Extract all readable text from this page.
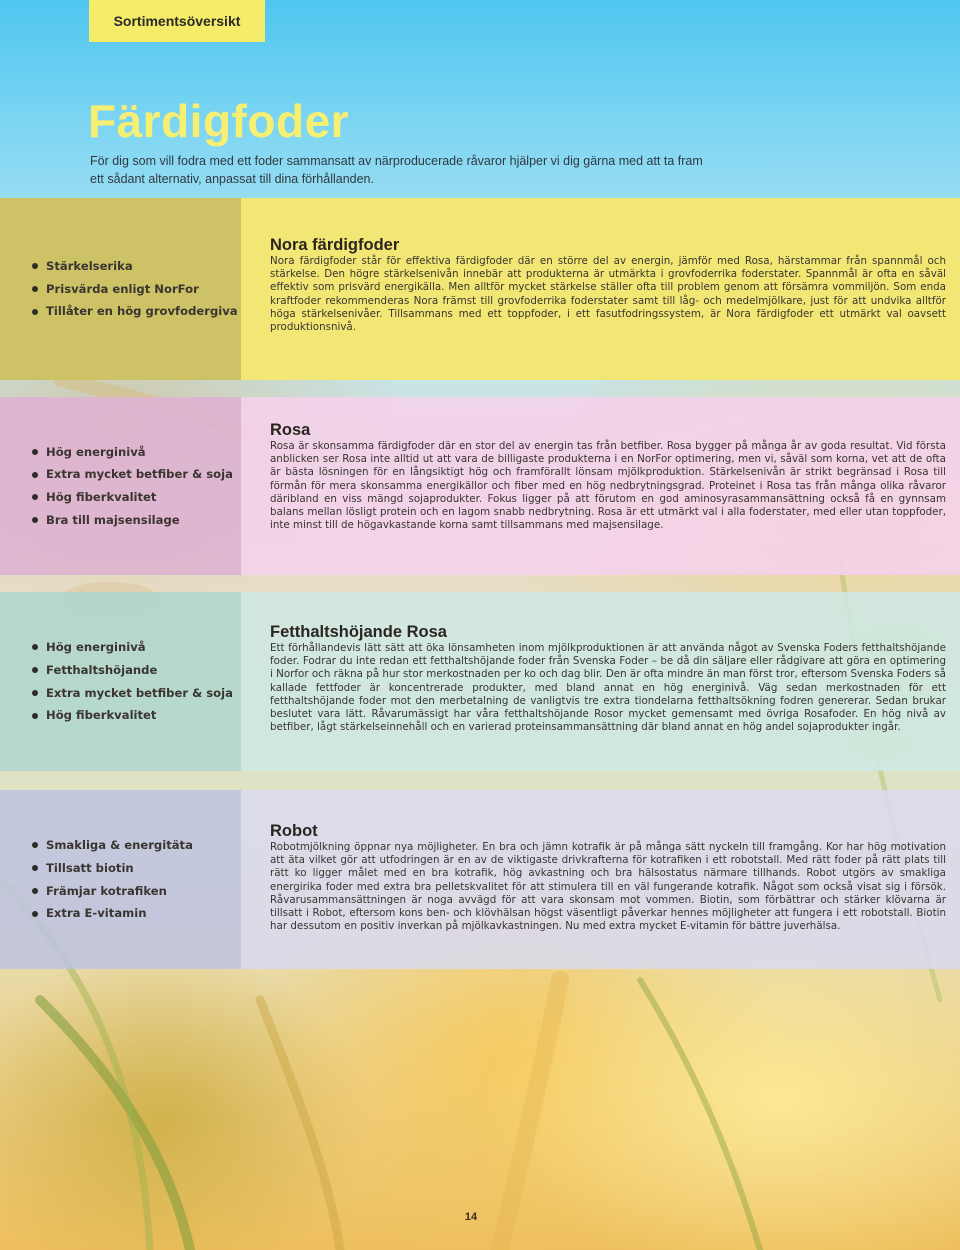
Sortimentsöversikt
Färdigfoder

För dig som vill fodra med ett foder sammansatt av närproducerade råvaror hjälper vi dig gärna med att ta fram ett sådant alternativ, anpassat till dina förhållanden.

Stärkelserika
Prisvärda enligt NorFor
Tillåter en hög grovfodergiva
Nora färdigfoder

Nora färdigfoder står för effektiva färdigfoder där en större del av energin, jämför med Rosa, härstammar från spannmål och stärkelse. Den högre stärkelsenivån innebär att produkterna är utmärkta i grovfoderrika foderstater. Spannmål är ofta en såväl effektiv som prisvärd energikälla. Men alltför mycket stärkelse ställer ofta till problem genom att försämra vommiljön. Som enda kraftfoder rekommenderas Nora främst till grovfoderrika foderstater samt till låg- och medelmjölkare, just för att undvika alltför höga stärkelsenivåer. Tillsammans med ett toppfoder, i ett fasutfodringssystem, är Nora färdigfoder ett utmärkt val oavsett produktionsnivå.

Hög energinivå
Extra mycket betfiber & soja
Hög fiberkvalitet
Bra till majsensilage
Rosa

Rosa är skonsamma färdigfoder där en stor del av energin tas från betfiber. Rosa bygger på många år av goda resultat. Vid första anblicken ser Rosa inte alltid ut att vara de billigaste produkterna i en NorFor optimering, men vi, såväl som korna, vet att de ofta är bästa lösningen för en långsiktigt hög och framförallt lönsam mjölkproduktion. Stärkelsenivån är strikt begränsad i Rosa till förmån för mera skonsamma energikällor och fiber med en hög nedbrytningsgrad. Proteinet i Rosa tas från många olika råvaror däribland en viss mängd sojaprodukter. Fokus ligger på att förutom en god aminosyrasammansättning också få en gynnsam balans mellan lösligt protein och en lagom snabb nedbrytning. Rosa är ett utmärkt val i alla foderstater, med eller utan toppfoder, inte minst till de högavkastande korna samt tillsammans med majsensilage.

Hög energinivå
Fetthaltshöjande
Extra mycket betfiber & soja
Hög fiberkvalitet
Fetthaltshöjande Rosa

Ett förhållandevis lätt sätt att öka lönsamheten inom mjölkproduktionen är att använda något av Svenska Foders fetthaltshöjande foder. Fodrar du inte redan ett fetthaltshöjande foder från Svenska Foder – be då din säljare eller rådgivare att göra en optimering i Norfor och räkna på hur stor merkostnaden per ko och dag blir. Den är ofta mindre än man först tror, eftersom Svenska Foders så kallade fettfoder är koncentrerade produkter, med bland annat en hög energinivå. Väg sedan merkostnaden för ett fetthaltshöjande foder mot den merbetalning de vanligtvis tre extra tiondelarna fetthaltsökning fodren genererar. Sedan brukar beslutet vara lätt. Råvarumässigt har våra fetthaltshöjande Rosor mycket gemensamt med övriga Rosafoder. En hög nivå av betfiber, lågt stärkelseinnehåll och en varierad proteinsammansättning där bland annat en hög andel sojaprodukter ingår.

Smakliga & energitäta
Tillsatt biotin
Främjar kotrafiken
Extra E-vitamin
Robot

Robotmjölkning öppnar nya möjligheter. En bra och jämn kotrafik är på många sätt nyckeln till framgång. Kor har hög motivation att äta vilket gör att utfodringen är en av de viktigaste drivkrafterna för kotrafiken i ett robotstall. Med rätt foder på rätt plats till rätt ko ligger målet med en bra kotrafik, hög avkastning och bra hälsostatus närmare tillhands. Robot utgörs av smakliga energirika foder med extra bra pelletskvalitet för att stimulera till en väl fungerande kotrafik. Något som också visat sig i försök. Råvarusammansättningen är noga avvägd för att vara skonsam mot vommen. Biotin, som förbättrar och stärker klövarna är tillsatt i Robot, eftersom kons ben- och klövhälsan högst väsentligt påverkar hennes möjligheter att fungera i ett robotstall. Biotin har dessutom en positiv inverkan på mjölkavkastningen. Nu med extra mycket E-vitamin för bättre juverhälsa.

14
